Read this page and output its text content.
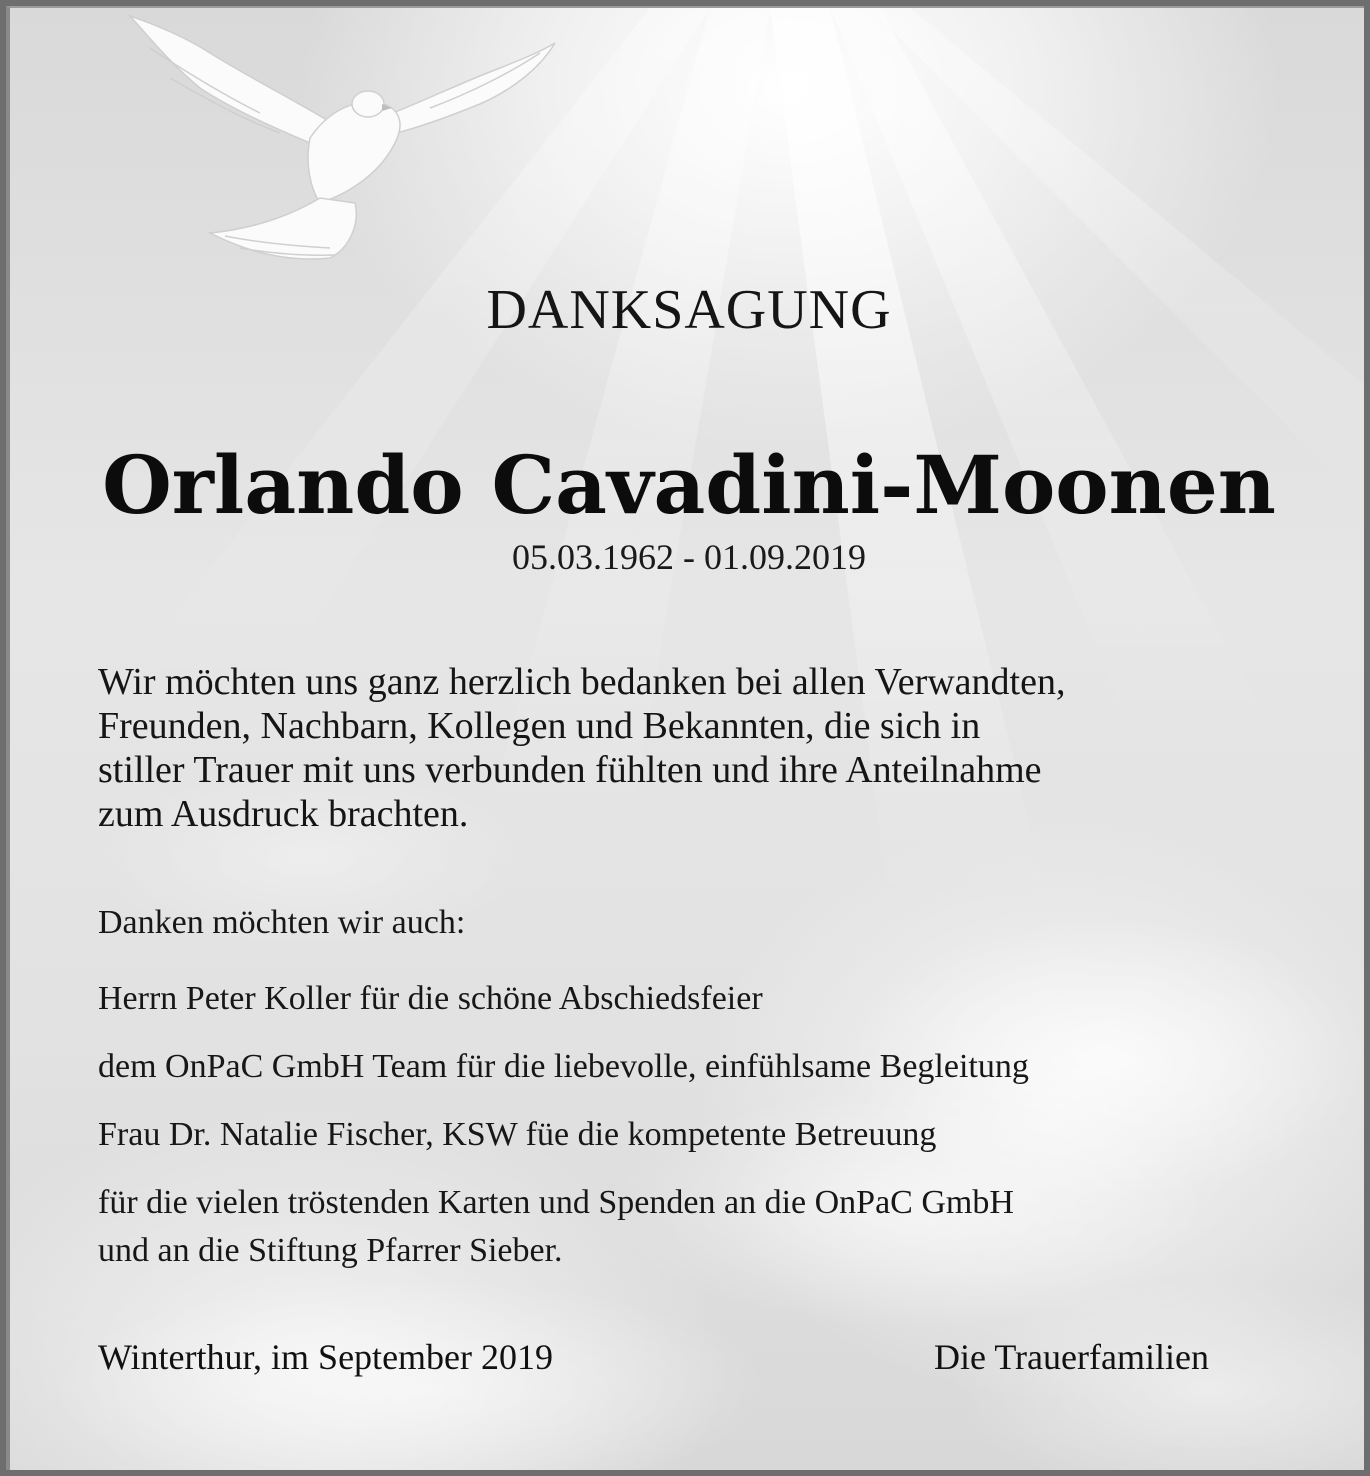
DANKSAGUNG
Orlando Cavadini-Moonen
05.03.1962 - 01.09.2019
Wir möchten uns ganz herzlich bedanken bei allen Verwandten,
Freunden, Nachbarn, Kollegen und Bekannten, die sich in
stiller Trauer mit uns verbunden fühlten und ihre Anteilnahme
zum Ausdruck brachten.
Danken möchten wir auch:
Herrn Peter Koller für die schöne Abschiedsfeier
dem OnPaC GmbH Team für die liebevolle, einfühlsame Begleitung
Frau Dr. Natalie Fischer, KSW füe die kompetente Betreuung
für die vielen tröstenden Karten und Spenden an die OnPaC GmbH
und an die Stiftung Pfarrer Sieber.
Winterthur, im September 2019	Die Trauerfamilien
